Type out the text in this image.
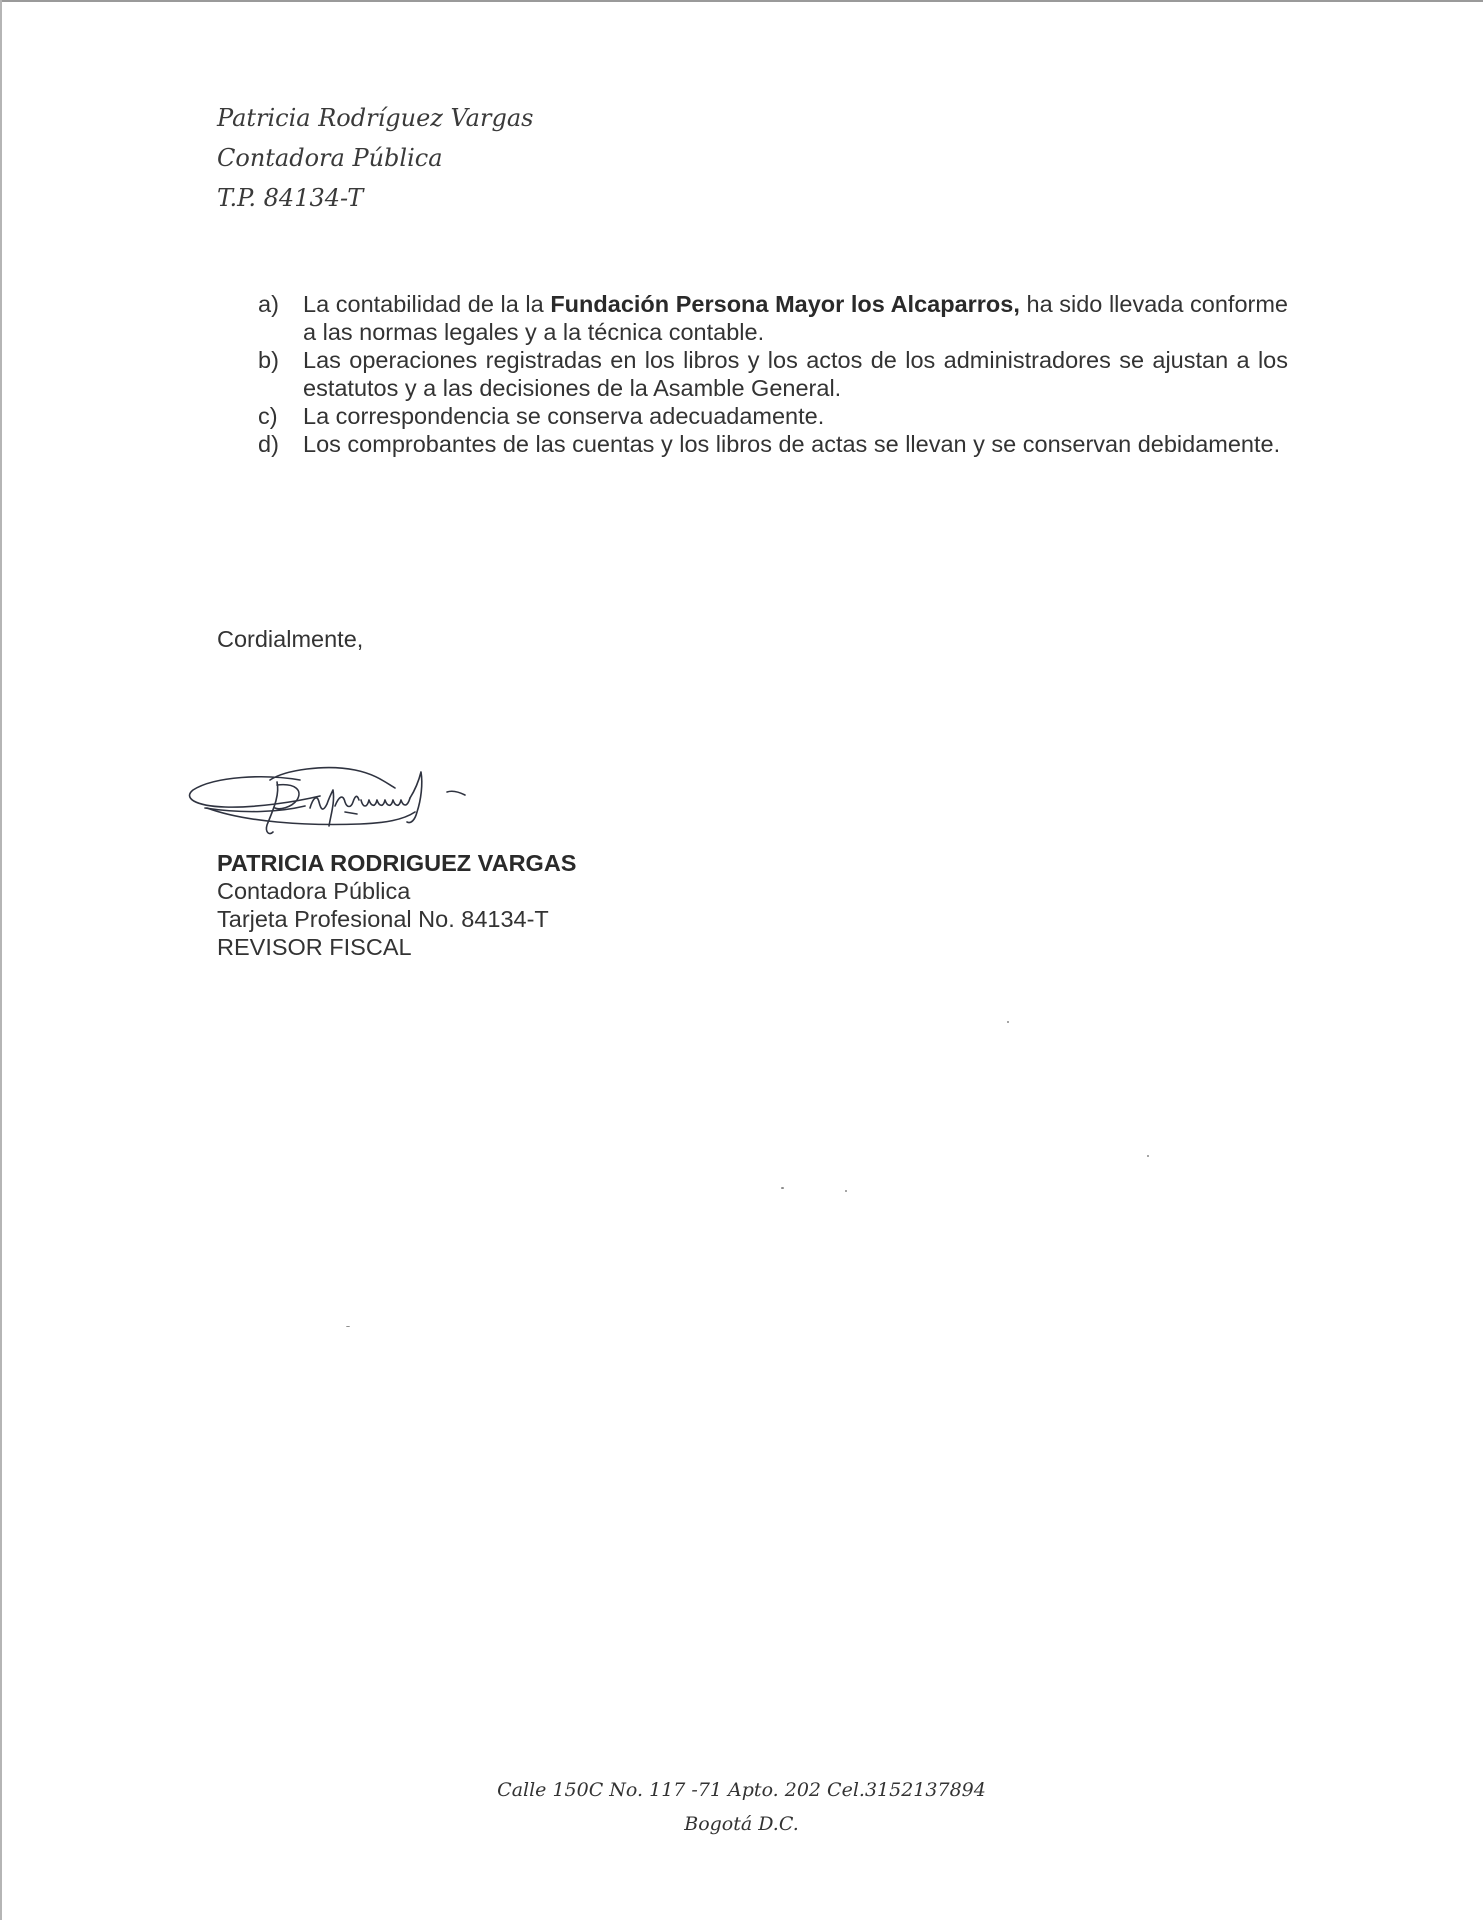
Patricia Rodríguez Vargas
Contadora Pública
T.P. 84134-T
a) La contabilidad de la la Fundación Persona Mayor los Alcaparros, ha sido llevada conforme a las normas legales y a la técnica contable.
b) Las operaciones registradas en los libros y los actos de los administradores se ajustan a los estatutos y a las decisiones de la Asamble General.
c) La correspondencia se conserva adecuadamente.
d) Los comprobantes de las cuentas y los libros de actas se llevan y se conservan debidamente.
Cordialmente,
PATRICIA RODRIGUEZ VARGAS
Contadora Pública
Tarjeta Profesional No. 84134-T
REVISOR FISCAL
Calle 150C No. 117 -71 Apto. 202 Cel.3152137894
Bogotá D.C.
